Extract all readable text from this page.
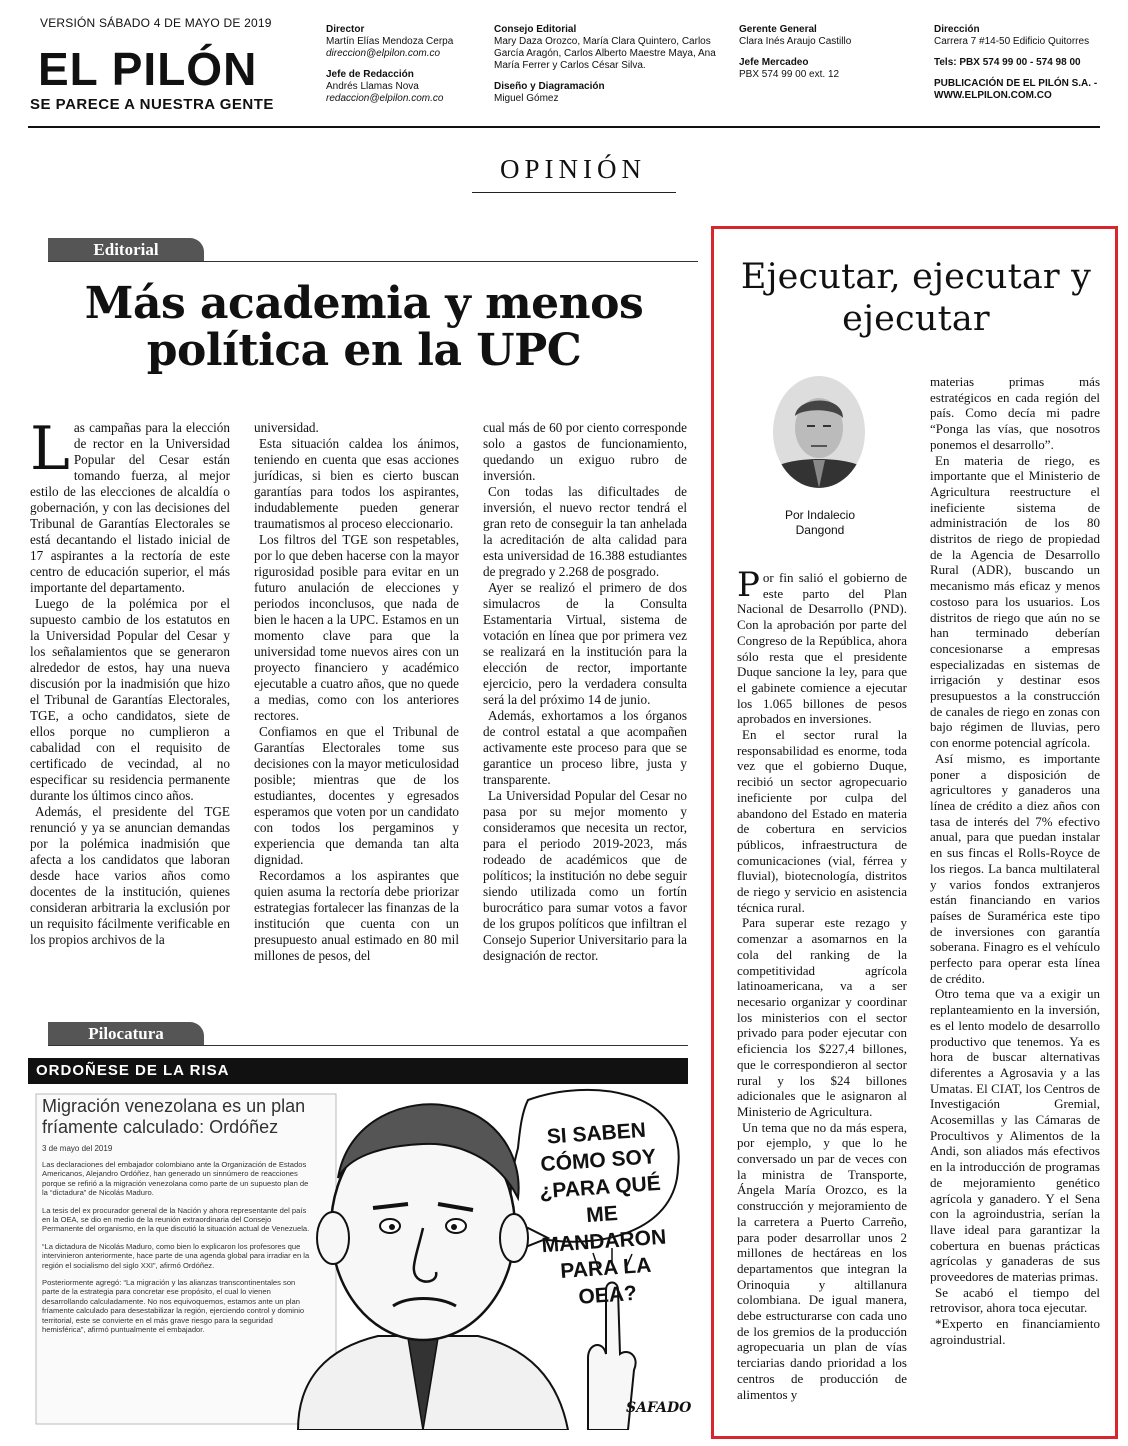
VERSIÓN SÁBADO 4 DE MAYO DE 2019
EL PILÓN
SE PARECE A NUESTRA GENTE
Director
Martín Elías Mendoza Cerpa
direccion@elpilon.com.co
Jefe de Redacción
Andrés Llamas Nova
redaccion@elpilon.com.co
Consejo Editorial
Mary Daza Orozco, María Clara Quintero, Carlos García Aragón, Carlos Alberto Maestre Maya, Ana María Ferrer y Carlos César Silva.
Diseño y Diagramación
Miguel Gómez
Gerente General
Clara Inés Araujo Castillo
Jefe Mercadeo
PBX 574 99 00 ext. 12
Dirección
Carrera 7 #14-50 Edificio Quitorres
Tels: PBX 574 99 00 - 574 98 00
PUBLICACIÓN DE EL PILÓN S.A. - WWW.ELPILON.COM.CO
OPINIÓN
Editorial
Más academia y menos política en la UPC

Las campañas para la elección de rector en la Universidad Popular del Cesar están tomando fuerza, al mejor estilo de las elecciones de alcaldía o gobernación, y con las decisiones del Tribunal de Garantías Electorales se está decantando el listado inicial de 17 aspirantes a la rectoría de este centro de educación superior, el más importante del departamento.

Luego de la polémica por el supuesto cambio de los estatutos en la Universidad Popular del Cesar y los señalamientos que se generaron alrededor de estos, hay una nueva discusión por la inadmisión que hizo el Tribunal de Garantías Electorales, TGE, a ocho candidatos, siete de ellos porque no cumplieron a cabalidad con el requisito de certificado de vecindad, al no especificar su residencia permanente durante los últimos cinco años.

Además, el presidente del TGE renunció y ya se anuncian demandas por la polémica inadmisión que afecta a los candidatos que laboran desde hace varios años como docentes de la institución, quienes consideran arbitraria la exclusión por un requisito fácilmente verificable en los propios archivos de la

universidad.

Esta situación caldea los ánimos, teniendo en cuenta que esas acciones jurídicas, si bien es cierto buscan garantías para todos los aspirantes, indudablemente pueden generar traumatismos al proceso eleccionario.

Los filtros del TGE son respetables, por lo que deben hacerse con la mayor rigurosidad posible para evitar en un futuro anulación de elecciones y periodos inconclusos, que nada de bien le hacen a la UPC. Estamos en un momento clave para que la universidad tome nuevos aires con un proyecto financiero y académico ejecutable a cuatro años, que no quede a medias, como con los anteriores rectores.

Confiamos en que el Tribunal de Garantías Electorales tome sus decisiones con la mayor meticulosidad posible; mientras que de los estudiantes, docentes y egresados esperamos que voten por un candidato con todos los pergaminos y experiencia que demanda tan alta dignidad.

Recordamos a los aspirantes que quien asuma la rectoría debe priorizar estrategias fortalecer las finanzas de la institución que cuenta con un presupuesto anual estimado en 80 mil millones de pesos, del

cual más de 60 por ciento corresponde solo a gastos de funcionamiento, quedando un exiguo rubro de inversión.

Con todas las dificultades de inversión, el nuevo rector tendrá el gran reto de conseguir la tan anhelada la acreditación de alta calidad para esta universidad de 16.388 estudiantes de pregrado y 2.268 de posgrado.

Ayer se realizó el primero de dos simulacros de la Consulta Estamentaria Virtual, sistema de votación en línea que por primera vez se realizará en la institución para la elección de rector, importante ejercicio, pero la verdadera consulta será la del próximo 14 de junio.

Además, exhortamos a los órganos de control estatal a que acompañen activamente este proceso para que se garantice un proceso libre, justa y transparente.

La Universidad Popular del Cesar no pasa por su mejor momento y consideramos que necesita un rector, para el periodo 2019-2023, más rodeado de académicos que de políticos; la institución no debe seguir siendo utilizada como un fortín burocrático para sumar votos a favor de los grupos políticos que infiltran el Consejo Superior Universitario para la designación de rector.

Pilocatura
ORDOÑESE DE LA RISA
Migración venezolana es un plan fríamente calculado: Ordóñez
3 de mayo del 2019

Las declaraciones del embajador colombiano ante la Organización de Estados Americanos, Alejandro Ordóñez, han generado un sinnúmero de reacciones porque se refirió a la migración venezolana como parte de un supuesto plan de la “dictadura” de Nicolás Maduro.

La tesis del ex procurador general de la Nación y ahora representante del país en la OEA, se dio en medio de la reunión extraordinaria del Consejo Permanente del organismo, en la que discutió la situación actual de Venezuela.

“La dictadura de Nicolás Maduro, como bien lo explicaron los profesores que intervinieron anteriormente, hace parte de una agenda global para irradiar en la región el socialismo del siglo XXI”, afirmó Ordóñez.

Posteriormente agregó: “La migración y las alianzas transcontinentales son parte de la estrategia para concretar ese propósito, el cual lo vienen desarrollando calculadamente. No nos equivoquemos, estamos ante un plan fríamente calculado para desestabilizar la región, ejerciendo control y dominio territorial, este se convierte en el más grave riesgo para la seguridad hemisférica”, afirmó puntualmente el embajador.

SI SABEN CÓMO SOY ¿PARA QUÉ ME MANDARON PARA LA OEA?
SAFADO
Ejecutar, ejecutar y ejecutar
Por Indalecio
Dangond

Por fin salió el gobierno de este parto del Plan Nacional de Desarrollo (PND). Con la aprobación por parte del Congreso de la República, ahora sólo resta que el presidente Duque sancione la ley, para que el gabinete comience a ejecutar los 1.065 billones de pesos aprobados en inversiones.

En el sector rural la responsabilidad es enorme, toda vez que el gobierno Duque, recibió un sector agropecuario ineficiente por culpa del abandono del Estado en materia de cobertura en servicios públicos, infraestructura de comunicaciones (vial, férrea y fluvial), biotecnología, distritos de riego y servicio en asistencia técnica rural.

Para superar este rezago y comenzar a asomarnos en la cola del ranking de la competitividad agrícola latinoamericana, va a ser necesario organizar y coordinar los ministerios con el sector privado para poder ejecutar con eficiencia los $227,4 billones, que le correspondieron al sector rural y los $24 billones adicionales que le asignaron al Ministerio de Agricultura.

Un tema que no da más espera, por ejemplo, y que lo he conversado un par de veces con la ministra de Transporte, Ángela María Orozco, es la construcción y mejoramiento de la carretera a Puerto Carreño, para poder desarrollar unos 2 millones de hectáreas en los departamentos que integran la Orinoquia y altillanura colombiana. De igual manera, debe estructurarse con cada uno de los gremios de la producción agropecuaria un plan de vías terciarias dando prioridad a los centros de producción de alimentos y

materias primas más estratégicos en cada región del país. Como decía mi padre “Ponga las vías, que nosotros ponemos el desarrollo”.

En materia de riego, es importante que el Ministerio de Agricultura reestructure el ineficiente sistema de administración de los 80 distritos de riego de propiedad de la Agencia de Desarrollo Rural (ADR), buscando un mecanismo más eficaz y menos costoso para los usuarios. Los distritos de riego que aún no se han terminado deberían concesionarse a empresas especializadas en sistemas de irrigación y destinar esos presupuestos a la construcción de canales de riego en zonas con bajo régimen de lluvias, pero con enorme potencial agrícola.

Así mismo, es importante poner a disposición de agricultores y ganaderos una línea de crédito a diez años con tasa de interés del 7% efectivo anual, para que puedan instalar en sus fincas el Rolls-Royce de los riegos. La banca multilateral y varios fondos extranjeros están financiando en varios países de Suramérica este tipo de inversiones con garantía soberana. Finagro es el vehículo perfecto para operar esta línea de crédito.

Otro tema que va a exigir un replanteamiento en la inversión, es el lento modelo de desarrollo productivo que tenemos. Ya es hora de buscar alternativas diferentes a Agrosavia y a las Umatas. El CIAT, los Centros de Investigación Gremial, Acosemillas y las Cámaras de Procultivos y Alimentos de la Andi, son aliados más efectivos en la introducción de programas de mejoramiento genético agrícola y ganadero. Y el Sena con la agroindustria, serían la llave ideal para garantizar la cobertura en buenas prácticas agrícolas y ganaderas de sus proveedores de materias primas.

Se acabó el tiempo del retrovisor, ahora toca ejecutar.

*Experto en financiamiento agroindustrial.
